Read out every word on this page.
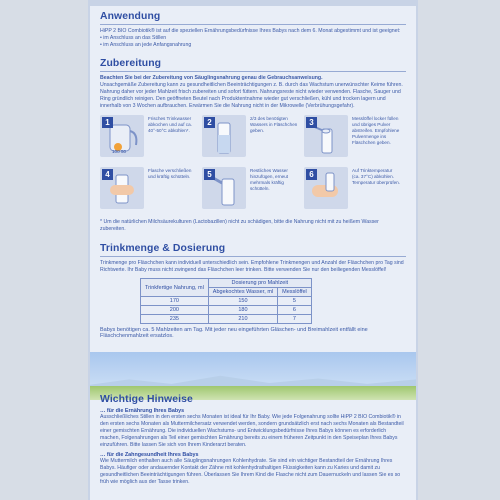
Anwendung
HiPP 2 BIO Combiotik® ist auf die speziellen Ernährungsbedürfnisse Ihres Babys nach dem 6. Monat abgestimmt und ist geeignet:
• im Anschluss an das Stillen
• im Anschluss an jede Anfangsnahrung
Zubereitung
Beachten Sie bei der Zubereitung von Säuglingsnahrung genau die Gebrauchsanweisung.
Unsachgemäße Zubereitung kann zu gesundheitlichen Beeinträchtigungen z. B. durch das Wachstum unerwünschter Keime führen.
Nahrung daher vor jeder Mahlzeit frisch zubereiten und sofort füttern. Nahrungsreste nicht wieder verwenden. Flasche, Sauger und Ring gründlich reinigen. Den geöffneten Beutel nach Produktentnahme wieder gut verschließen, kühl und trocken lagern und innerhalb von 3 Wochen aufbrauchen. Erwärmen Sie die Nahrung nicht in der Mikrowelle (Verbrühungsgefahr).
100 50
1	Frisches Trinkwasser abkochen und auf ca. 40°-50°C abkühlen*.
2	2/3 des benötigten Wassers in Fläschchen geben.
3	Messlöffel locker füllen und übriges Pulver abstreifen. Empfohlene Pulvermenge ins Fläschchen geben.
4	Flasche verschließen und kräftig schütteln.	5	Restliches Wasser hinzufügen, erneut mehrmals kräftig schütteln.
6	Auf Trinktemperatur (ca. 37°C) abkühlen. Temperatur überprüfen.
* Um die natürlichen Milchsäurekulturen (Lactobazillen) nicht zu schädigen, bitte die Nahrung nicht mit zu heißem Wasser zubereiten.
Trinkmenge & Dosierung
Trinkmenge pro Fläschchen kann individuell unterschiedlich sein. Empfohlene Trinkmengen und Anzahl der Fläschchen pro Tag sind Richtwerte. Ihr Baby muss nicht zwingend das Fläschchen leer trinken. Bitte verwenden Sie nur den beiliegenden Messlöffel!
Trinkfertige Nahrung, ml	Dosierung pro Mahlzeit	
	Abgekochtes Wasser, ml	Messlöffel
170	150	5
200	180	6
235	210	7
Babys benötigen ca. 5 Mahlzeiten am Tag. Mit jeder neu eingeführten Gläschen- und Breimahlzeit entfällt eine Fläschchenmahlzeit ersatzlos.
Wichtige Hinweise
… für die Ernährung Ihres Babys
Ausschließliches Stillen in den ersten sechs Monaten ist ideal für Ihr Baby. Wie jede Folgenahrung sollte HiPP 2 BIO Combiotik® in den ersten sechs Monaten als Muttermilchersatz verwendet werden, sondern grundsätzlich erst nach sechs Monaten als Bestandteil einer gemischten Ernährung. Die individuellen Wachstums- und Entwicklungsbedürfnisse Ihres Babys können es erforderlich machen, Folgenahrungen als Teil einer gemischten Ernährung bereits zu einem früheren Zeitpunkt in den Speiseplan Ihres Babys einzuführen. Bitte lassen Sie sich von Ihrem Kinderarzt beraten.
… für die Zahngesundheit Ihres Babys
Wie Muttermilch enthalten auch alle Säuglingsnahrungen Kohlenhydrate. Sie sind ein wichtiger Bestandteil der Ernährung Ihres Babys. Häufiger oder andauernder Kontakt der Zähne mit kohlenhydrathaltigen Flüssigkeiten kann zu Karies und damit zu gesundheitlichen Beeinträchtigungen führen. Überlassen Sie Ihrem Kind die Flasche nicht zum Dauernuckeln und lassen Sie es so früh wie möglich aus der Tasse trinken.
